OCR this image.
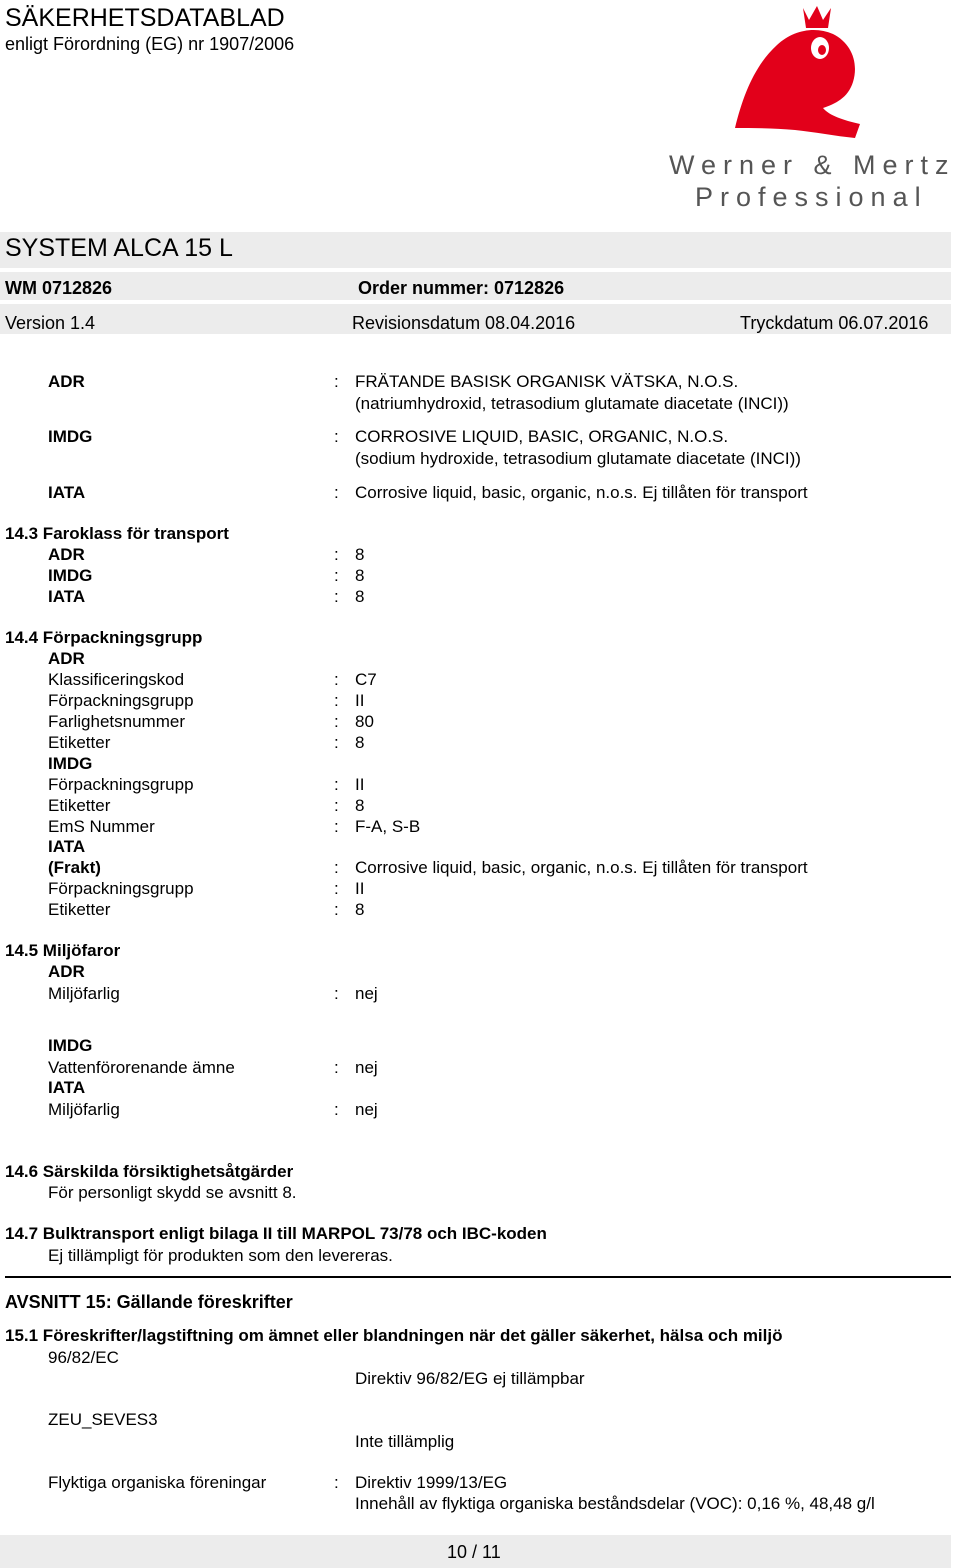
SÄKERHETSDATABLAD
enligt Förordning (EG) nr 1907/2006
Werner & Mertz
Professional
SYSTEM ALCA 15 L
WM 0712826	Order nummer: 0712826
Version 1.4	Revisionsdatum 08.04.2016	Tryckdatum 06.07.2016
ADR	: FRÄTANDE BASISK ORGANISK VÄTSKA, N.O.S.
(natriumhydroxid, tetrasodium glutamate diacetate (INCI))
IMDG	: CORROSIVE LIQUID, BASIC, ORGANIC, N.O.S.
(sodium hydroxide, tetrasodium glutamate diacetate (INCI))
IATA	: Corrosive liquid, basic, organic, n.o.s. Ej tillåten för transport
14.3 Faroklass för transport
ADR	: 8
IMDG	: 8
IATA	: 8
14.4 Förpackningsgrupp
ADR
Klassificeringskod	: C7
Förpackningsgrupp	: II
Farlighetsnummer	: 80
Etiketter	: 8
IMDG
Förpackningsgrupp	: II
Etiketter	: 8
EmS Nummer	: F-A, S-B
IATA
(Frakt)	: Corrosive liquid, basic, organic, n.o.s. Ej tillåten för transport
Förpackningsgrupp	: II
Etiketter	: 8
14.5 Miljöfaror
ADR
Miljöfarlig	: nej
IMDG
Vattenförorenande ämne	: nej
IATA
Miljöfarlig	: nej
14.6 Särskilda försiktighetsåtgärder
För personligt skydd se avsnitt 8.
14.7 Bulktransport enligt bilaga II till MARPOL 73/78 och IBC-koden
Ej tillämpligt för produkten som den levereras.
AVSNITT 15: Gällande föreskrifter
15.1 Föreskrifter/lagstiftning om ämnet eller blandningen när det gäller säkerhet, hälsa och miljö
96/82/EC
Direktiv 96/82/EG ej tillämpbar
ZEU_SEVES3
Inte tillämplig
Flyktiga organiska föreningar	: Direktiv 1999/13/EG
Innehåll av flyktiga organiska beståndsdelar (VOC): 0,16 %, 48,48 g/l
10 / 11
